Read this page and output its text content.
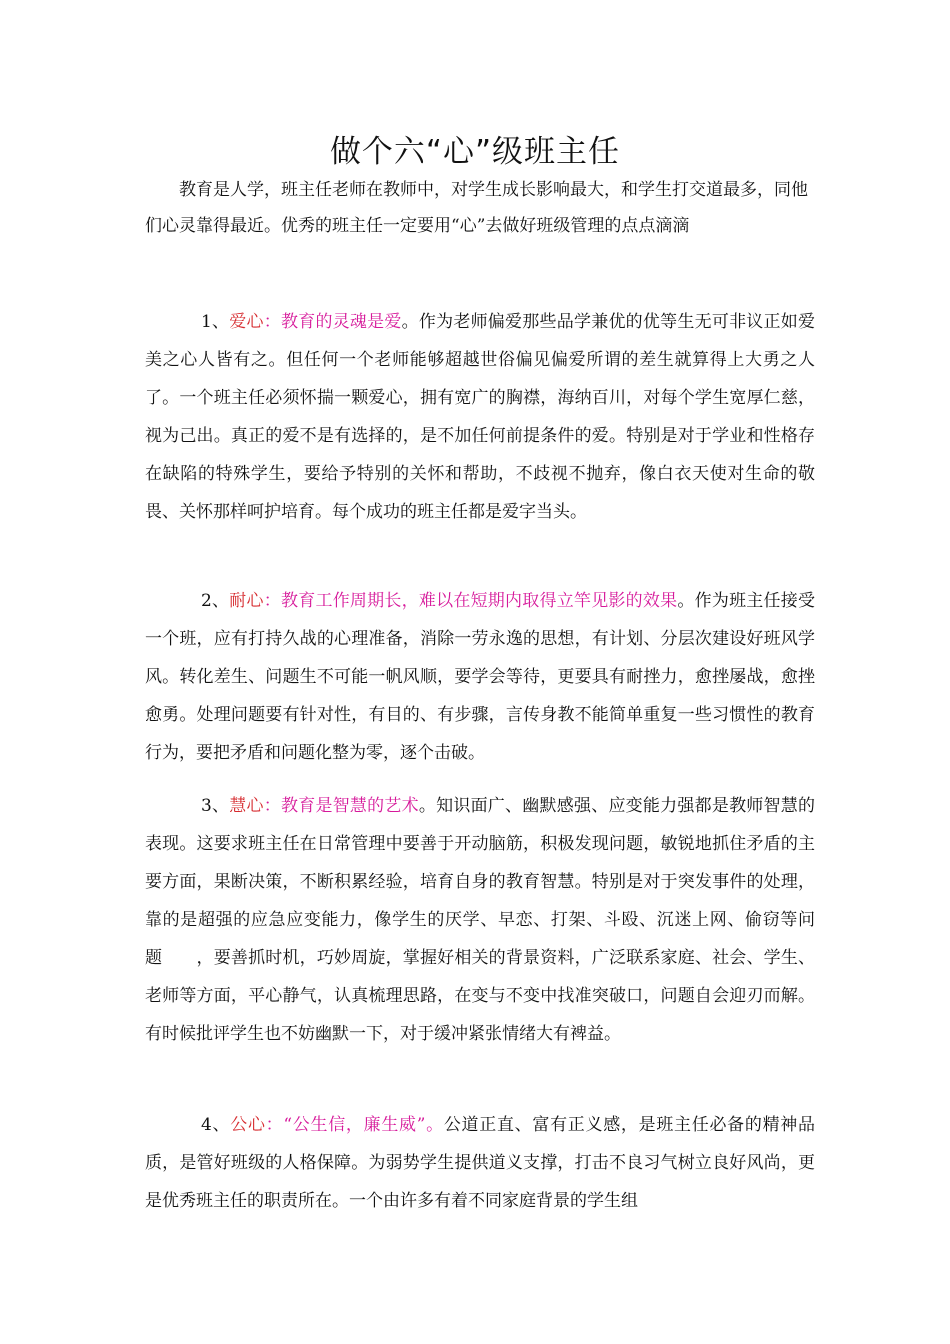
做个六“心”级班主任

教育是人学，班主任老师在教师中，对学生成长影响最大，和学生打交道最多，同他们心灵靠得最近。优秀的班主任一定要用“心”去做好班级管理的点点滴滴

1、爱心：教育的灵魂是爱。作为老师偏爱那些品学兼优的优等生无可非议正如爱美之心人皆有之。但任何一个老师能够超越世俗偏见偏爱所谓的差生就算得上大勇之人了。一个班主任必须怀揣一颗爱心，拥有宽广的胸襟，海纳百川，对每个学生宽厚仁慈，视为己出。真正的爱不是有选择的，是不加任何前提条件的爱。特别是对于学业和性格存在缺陷的特殊学生，要给予特别的关怀和帮助，不歧视不抛弃，像白衣天使对生命的敬畏、关怀那样呵护培育。每个成功的班主任都是爱字当头。

2、耐心：教育工作周期长，难以在短期内取得立竿见影的效果。作为班主任接受一个班，应有打持久战的心理准备，消除一劳永逸的思想，有计划、分层次建设好班风学风。转化差生、问题生不可能一帆风顺，要学会等待，更要具有耐挫力，愈挫屡战，愈挫愈勇。处理问题要有针对性，有目的、有步骤，言传身教不能简单重复一些习惯性的教育行为，要把矛盾和问题化整为零，逐个击破。

3、慧心：教育是智慧的艺术。知识面广、幽默感强、应变能力强都是教师智慧的表现。这要求班主任在日常管理中要善于开动脑筋，积极发现问题，敏锐地抓住矛盾的主要方面，果断决策，不断积累经验，培育自身的教育智慧。特别是对于突发事件的处理，靠的是超强的应急应变能力，像学生的厌学、早恋、打架、斗殴、沉迷上网、偷窃等问题　　，要善抓时机，巧妙周旋，掌握好相关的背景资料，广泛联系家庭、社会、学生、老师等方面，平心静气，认真梳理思路，在变与不变中找准突破口，问题自会迎刃而解。有时候批评学生也不妨幽默一下，对于缓冲紧张情绪大有裨益。

4、公心：“公生信，廉生威”。公道正直、富有正义感，是班主任必备的精神品质，是管好班级的人格保障。为弱势学生提供道义支撑，打击不良习气树立良好风尚，更是优秀班主任的职责所在。一个由许多有着不同家庭背景的学生组
